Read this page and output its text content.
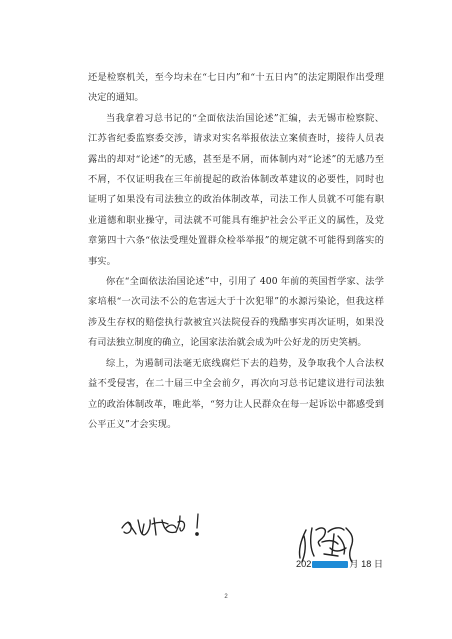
还是检察机关，至今均未在“七日内”和“十五日内”的法定期限作出受理决定的通知。

当我拿着习总书记的“全面依法治国论述”汇编，去无锡市检察院、江苏省纪委监察委交涉，请求对实名举报依法立案侦查时，接待人员表露出的却对“论述”的无感，甚至是不屑，而体制内对“论述”的无感乃至不屑，不仅证明我在三年前提起的政治体制改革建议的必要性，同时也证明了如果没有司法独立的政治体制改革，司法工作人员就不可能有职业道德和职业操守，司法就不可能具有维护社会公平正义的属性，及党章第四十六条“依法受理处置群众检举举报”的规定就不可能得到落实的事实。

你在“全面依法治国论述”中，引用了 400 年前的英国哲学家、法学家培根“一次司法不公的危害远大于十次犯罪”的水源污染论，但我这样涉及生存权的赔偿执行款被宜兴法院侵吞的残酷事实再次证明，如果没有司法独立制度的确立，论国家法治就会成为叶公好龙的历史笑柄。

综上，为遏制司法毫无底线腐烂下去的趋势，及争取我个人合法权益不受侵害，在二十届三中全会前夕，再次向习总书记建议进行司法独立的政治体制改革，唯此举，“努力让人民群众在每一起诉讼中都感受到公平正义”才会实现。

202	月 18 日
2
